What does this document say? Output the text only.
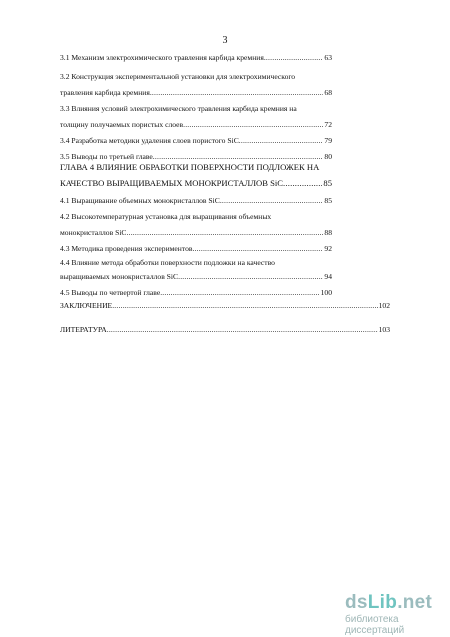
3
3.1 Механизм электрохимического травления карбида кремния .....	63
3.2 Конструкция экспериментальной установки для электрохимического
травления карбида кремния .....	68
3.3 Влияния условий электрохимического травления карбида кремния на
толщину получаемых пористых слоев .....	72
3.4 Разработка методики удаления слоев пористого SiC .....	79
3.5 Выводы по третьей главе .....	80
ГЛАВА 4 ВЛИЯНИЕ ОБРАБОТКИ ПОВЕРХНОСТИ ПОДЛОЖЕК НА
КАЧЕСТВО ВЫРАЩИВАЕМЫХ МОНОКРИСТАЛЛОВ SiC .....	85
4.1 Выращивание объемных монокристаллов SiC .....	85
4.2 Высокотемпературная установка для выращивания объемных
монокристаллов SiC .....	88
4.3 Методика проведения экспериментов .....	92
4.4 Влияние метода обработки поверхности подложки на качество
выращиваемых монокристаллов SiC .....	94
4.5 Выводы по четвертой главе .....	100
ЗАКЛЮЧЕНИЕ .....	102
ЛИТЕРАТУРА .....	103
dsLib.net
библиотека диссертаций
